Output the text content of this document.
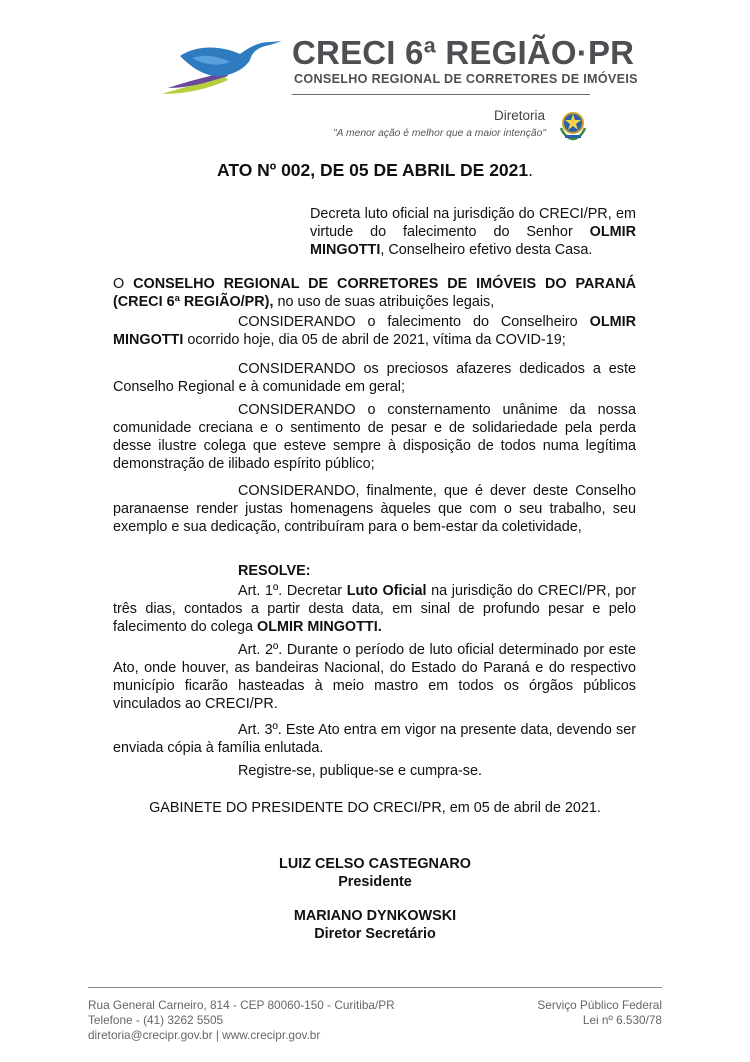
CRECI 6ª REGIÃO·PR
CONSELHO REGIONAL DE CORRETORES DE IMÓVEIS
Diretoria
"A menor ação é melhor que a maior intenção"
ATO Nº 002, DE 05 DE ABRIL DE 2021.
Decreta luto oficial na jurisdição do CRECI/PR, em virtude do falecimento do Senhor OLMIR MINGOTTI, Conselheiro efetivo desta Casa.
O CONSELHO REGIONAL DE CORRETORES DE IMÓVEIS DO PARANÁ (CRECI 6ª REGIÃO/PR), no uso de suas atribuições legais,
CONSIDERANDO o falecimento do Conselheiro OLMIR MINGOTTI ocorrido hoje, dia 05 de abril de 2021, vítima da COVID-19;
CONSIDERANDO os preciosos afazeres dedicados a este Conselho Regional e à comunidade em geral;
CONSIDERANDO o consternamento unânime da nossa comunidade creciana e o sentimento de pesar e de solidariedade pela perda desse ilustre colega que esteve sempre à disposição de todos numa legítima demonstração de ilibado espírito público;
CONSIDERANDO, finalmente, que é dever deste Conselho paranaense render justas homenagens àqueles que com o seu trabalho, seu exemplo e sua dedicação, contribuíram para o bem-estar da coletividade,
RESOLVE:
Art. 1º. Decretar Luto Oficial na jurisdição do CRECI/PR, por três dias, contados a partir desta data, em sinal de profundo pesar e pelo falecimento do colega OLMIR MINGOTTI.
Art. 2º. Durante o período de luto oficial determinado por este Ato, onde houver, as bandeiras Nacional, do Estado do Paraná e do respectivo município ficarão hasteadas à meio mastro em todos os órgãos públicos vinculados ao CRECI/PR.
Art. 3º. Este Ato entra em vigor na presente data, devendo ser enviada cópia à família enlutada.
Registre-se, publique-se e cumpra-se.
GABINETE DO PRESIDENTE DO CRECI/PR, em 05 de abril de 2021.
LUIZ CELSO CASTEGNARO
Presidente
MARIANO DYNKOWSKI
Diretor Secretário
Rua General Carneiro, 814 - CEP 80060-150 - Curitiba/PR
Telefone - (41) 3262 5505
diretoria@crecipr.gov.br | www.crecipr.gov.br
Serviço Público Federal
Lei nº 6.530/78
